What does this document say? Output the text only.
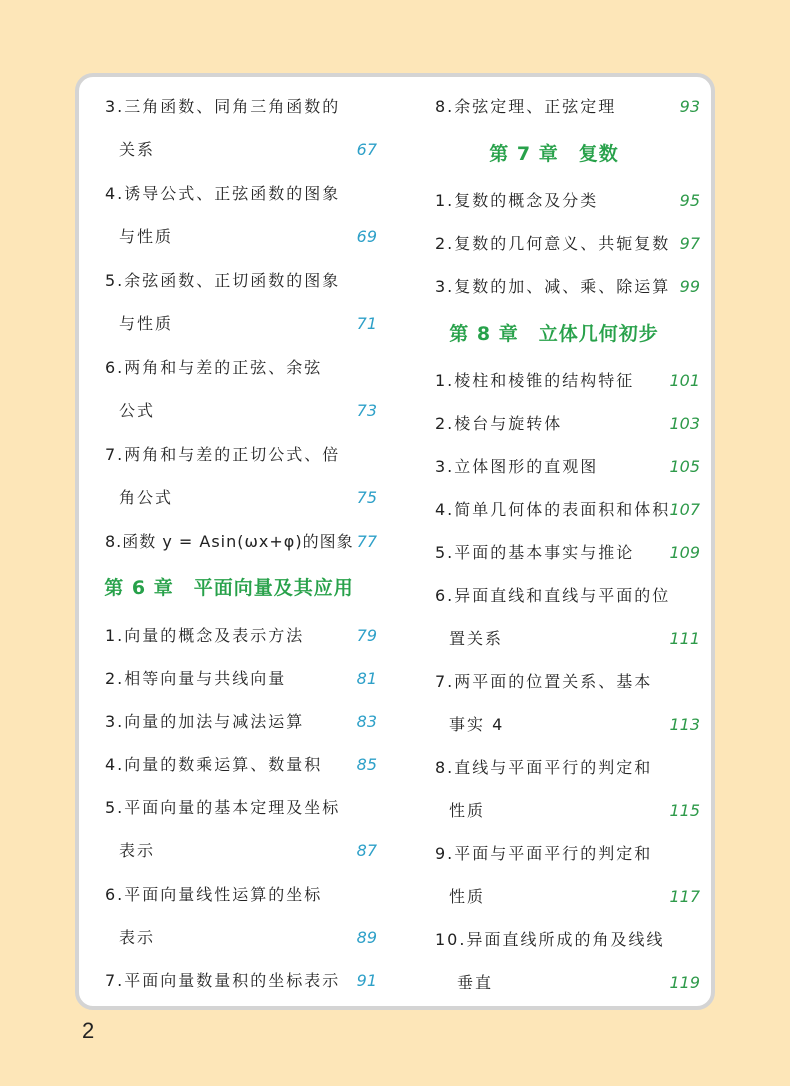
3.三角函数、同角三角函数的
关系	67
4.诱导公式、正弦函数的图象
与性质	69
5.余弦函数、正切函数的图象
与性质	71
6.两角和与差的正弦、余弦
公式	73
7.两角和与差的正切公式、倍
角公式	75
8.函数 y = Asin(ωx+φ)的图象 77
第 6 章　平面向量及其应用
1.向量的概念及表示方法	79
2.相等向量与共线向量	81
3.向量的加法与减法运算	83
4.向量的数乘运算、数量积 85
5.平面向量的基本定理及坐标
表示	87
6.平面向量线性运算的坐标
表示	89
7.平面向量数量积的坐标表示 91
8.余弦定理、正弦定理	93
第 7 章　复数
1.复数的概念及分类	95
2.复数的几何意义、共轭复数 97
3.复数的加、减、乘、除运算 99
第 8 章　立体几何初步
1.棱柱和棱锥的结构特征 101
2.棱台与旋转体	103
3.立体图形的直观图	105
4.简单几何体的表面积和体积 107
5.平面的基本事实与推论 109
6.异面直线和直线与平面的位
置关系	111
7.两平面的位置关系、基本
事实 4	113
8.直线与平面平行的判定和
性质	115
9.平面与平面平行的判定和
性质	117
10.异面直线所成的角及线线
垂直	119
2
